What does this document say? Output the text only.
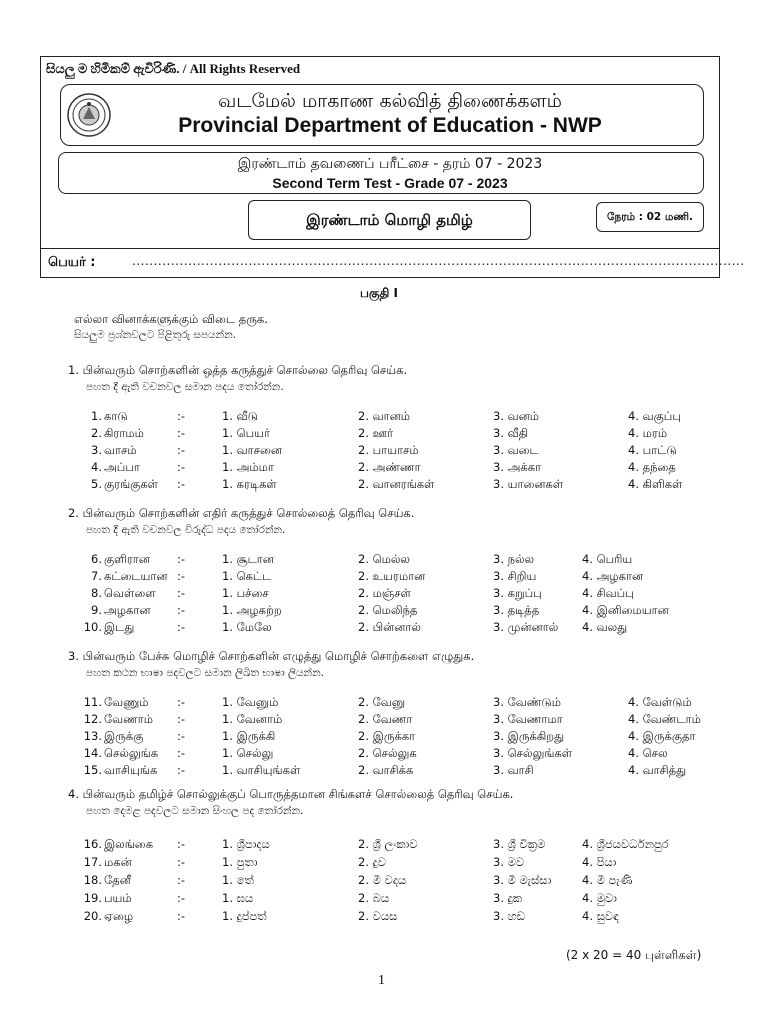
සියලු ම හිමිකම් ඇවිරිණි. / All Rights Reserved
வடமேல் மாகாண கல்வித் திணைக்களம்
Provincial Department of Education - NWP
இரண்டாம் தவணைப் பரீட்சை - தரம் 07 - 2023
Second Term Test - Grade 07 - 2023
இரண்டாம் மொழி தமிழ்	நேரம் : 02 மணி.
பெயர் :	..............................................................................................................................................
பகுதி I
எல்லா வினாக்களுக்கும் விடை தருக.
සියලුම ප්‍රශ්නවලට පිළිතුරු සපයන්න.
1. பின்வரும் சொற்களின் ஒத்த கருத்துச் சொல்லை தெரிவு செய்க.
පහත දී ඇති වචනවල සමාන පදය තෝරන්න.
1. காடு	:-	1. வீடு	2. வானம்	3. வனம்	4. வகுப்பு
2. கிராமம்	:-	1. பெயர்	2. ஊர்	3. வீதி	4. மரம்
3. வாசம்	:-	1. வாசனை	2. பாயாசம்	3. வடை	4. பாட்டு
4. அப்பா	:-	1. அம்மா	2. அண்ணா	3. அக்கா	4. தந்தை
5. குரங்குகள் :-	1. கரடிகள்	2. வானரங்கள்	3. யானைகள்	4. கிளிகள்
2. பின்வரும் சொற்களின் எதிர் கருத்துச் சொல்லைத் தெரிவு செய்க.
පහත දී ඇති වචනවල විරුද්ධ පදය තෝරන්න.
6. குளிரான :-	1. சூடான	2. மெல்ல	3. நல்ல	4. பெரிய
7. கட்டையான :-	1. கெட்ட	2. உயரமான	3. சிறிய	4. அழகான
8. வெள்ளை :-	1. பச்சை	2. மஞ்சள்	3. கறுப்பு	4. சிவப்பு
9. அழகான :-	1. அழகற்ற	2. மெலிந்த	3. தடித்த	4. இனிமையான
10. இடது	:-	1. மேலே	2. பின்னால்	3. முன்னால் 4. வலது
3. பின்வரும் பேச்சு மொழிச் சொற்களின் எழுத்து மொழிச் சொற்களை எழுதுக.
පහත කථන භාෂා පදවලට සමාන ලිඛිත භාෂා ලියන්න.
11. வேணும் :-	1. வேனும்	2. வேனு	3. வேண்டும்	4. வேள்டும்
12. வேணாம் :-	1. வேனாம்	2. வேணா	3. வேணாமா	4. வேண்டாம்
13. இருக்கு	:-	1. இருக்கி	2. இருக்கா	3. இருக்கிறது	4. இருக்குதா
14. செல்லுங்க :-	1. செல்லு	2. செல்லுக	3. செல்லுங்கள்	4. செல
15. வாசியுங்க :-	1. வாசியுங்கள்	2. வாசிக்க	3. வாசி	4. வாசித்து
4. பின்வரும் தமிழ்ச் சொல்லுக்குப் பொருத்தமான சிங்களச் சொல்லைத் தெரிவு செய்க.
පහත දෙමළ පදවලට සමාන සිංහල පද තෝරන්න.
16. இலங்கை :-	1. ශ්‍රීපාදය	2. ශ්‍රී ලංකාව	3. ශ්‍රී වික්‍රම	4. ශ්‍රීජයවර්ධනපුර
17. மகன்	:-	1. පුතා	2. දුව	3. මව	4. පියා
18. தேனீ	:-	1. තේ	2. මී වදය	3. මී මැස්සා	4. මී පැණි
19. பயம்	:-	1. ඝය	2. බය	3. දුක	4. මුවා
20. ஏழை	:-	1. දුප්පත්	2. වයස	3. හඩ	4. සුවඳ
(2 x 20 = 40 புள்ளிகள்)
1
